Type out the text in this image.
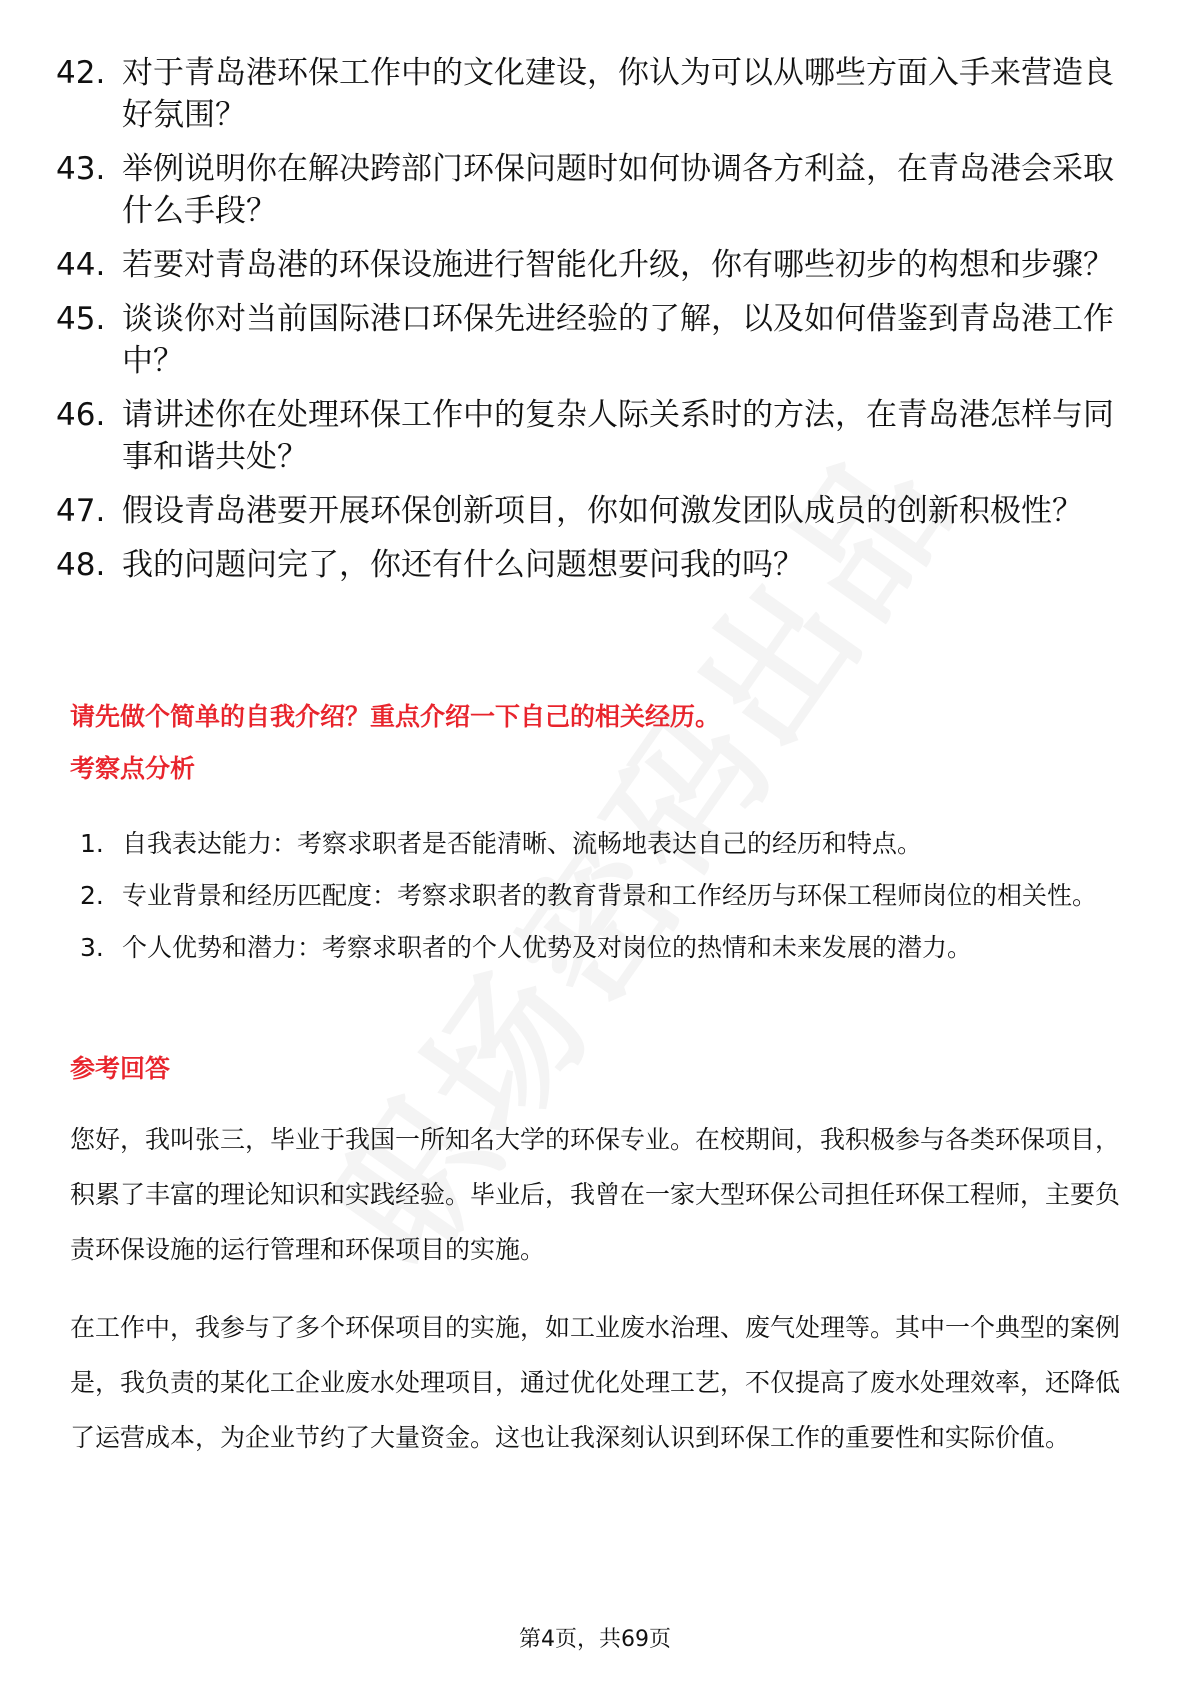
42. 对于青岛港环保工作中的文化建设，你认为可以从哪些方面入手来营造良好氛围？
43. 举例说明你在解决跨部门环保问题时如何协调各方利益，在青岛港会采取什么手段？
44. 若要对青岛港的环保设施进行智能化升级，你有哪些初步的构想和步骤？
45. 谈谈你对当前国际港口环保先进经验的了解，以及如何借鉴到青岛港工作中？
46. 请讲述你在处理环保工作中的复杂人际关系时的方法，在青岛港怎样与同事和谐共处？
47. 假设青岛港要开展环保创新项目，你如何激发团队成员的创新积极性？
48. 我的问题问完了，你还有什么问题想要问我的吗？
请先做个简单的自我介绍？重点介绍一下自己的相关经历。
考察点分析
1. 自我表达能力：考察求职者是否能清晰、流畅地表达自己的经历和特点。
2. 专业背景和经历匹配度：考察求职者的教育背景和工作经历与环保工程师岗位的相关性。
3. 个人优势和潜力：考察求职者的个人优势及对岗位的热情和未来发展的潜力。
参考回答
您好，我叫张三，毕业于我国一所知名大学的环保专业。在校期间，我积极参与各类环保项目，积累了丰富的理论知识和实践经验。毕业后，我曾在一家大型环保公司担任环保工程师，主要负责环保设施的运行管理和环保项目的实施。
在工作中，我参与了多个环保项目的实施，如工业废水治理、废气处理等。其中一个典型的案例是，我负责的某化工企业废水处理项目，通过优化处理工艺，不仅提高了废水处理效率，还降低了运营成本，为企业节约了大量资金。这也让我深刻认识到环保工作的重要性和实际价值。
第4页，共69页
